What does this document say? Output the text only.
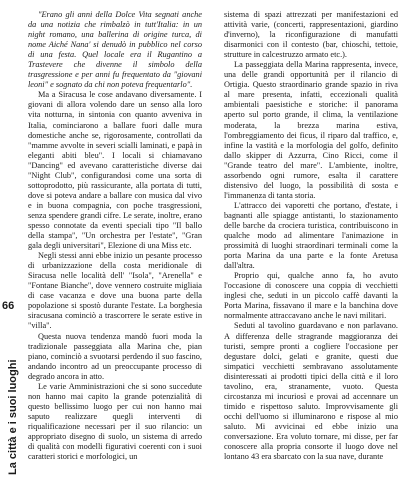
66
La città e i suoi luoghi

"Erano gli anni della Dolce Vita segnati anche da una notizia che rimbalzò in tutt'Italia: in un night romano, una ballerina di origine turca, di nome Aiché Nana' si denudò in pubblico nel corso di una festa. Quel locale era il Rugantino a Trastevere che divenne il simbolo della trasgressione e per anni fu frequentato da "giovani leoni" e sognato da chi non poteva frequentarlo".

Ma a Siracusa le cose andavano diversamente. I giovani di allora volendo dare un senso alla loro vita notturna, in sintonia con quanto avveniva in Italia, cominciarono a ballare fuori dalle mura domestiche anche se, rigorosamente, controllati da "mamme avvolte in severi scialli laminati, e papà in eleganti abiti bleu". I locali si chiamavano "Dancing" ed avevano caratteristiche diverse dai "Night Club", configurandosi come una sorta di sottoprodotto, più rassicurante, alla portata di tutti, dove si poteva andare a ballare con musica dal vivo e in buona compagnia, con poche trasgressioni, senza spendere grandi cifre. Le serate, inoltre, erano spesso connotate da eventi speciali tipo "Il ballo della stampa", "Un orchestra per l'estate", "Gran gala degli universitari", Elezione di una Miss etc.

Negli stessi anni ebbe inizio un pesante processo di urbanizzazione della costa meridionale di Siracusa nelle località dell' "Isola", "Arenella" e "Fontane Bianche", dove vennero costruite migliaia di case vacanza e dove una buona parte della popolazione si spostò durante l'estate. La borghesia siracusana cominciò a trascorrere le serate estive in "villa".

Questa nuova tendenza mandò fuori moda la tradizionale passeggiata alla Marina che, pian piano, cominciò a svuotarsi perdendo il suo fascino, andando incontro ad un preoccupante processo di degrado ancora in atto.

Le varie Amministrazioni che si sono succedute non hanno mai capito la grande potenzialità di questo bellissimo luogo per cui non hanno mai saputo realizzare quegli interventi di riqualificazione necessari per il suo rilancio: un appropriato disegno di suolo, un sistema di arredo di qualità con modelli figurativi coerenti con i suoi caratteri storici e morfologici, un

sistema di spazi attrezzati per manifestazioni ed attività varie, (concerti, rappresentazioni, giardino d'inverno), la riconfigurazione di manufatti disarmonici con il contesto (bar, chioschi, tettoie, strutture in calcestruzzo armato etc.).

La passeggiata della Marina rappresenta, invece, una delle grandi opportunità per il rilancio di Ortigia. Questo straordinario grande spazio in riva al mare presenta, infatti, eccezionali qualità ambientali paesistiche e storiche: il panorama aperto sul porto grande, il clima, la ventilazione moderata, la brezza marina estiva, l'ombreggiamento dei ficus, il riparo dal traffico, e, infine la vastità e la morfologia del golfo, definito dallo skipper di Azzurra, Cino Ricci, come il "Grande teatro del mare". L'ambiente, inoltre, assorbendo ogni rumore, esalta il carattere distensivo del luogo, la possibilità di sosta e l'immanenza di tanta storia.

L'attracco dei vaporetti che portano, d'estate, i bagnanti alle spiagge antistanti, lo stazionamento delle barche da crociera turistica, contribuiscono in qualche modo ad alimentare l'animazione in prossimità di luoghi straordinari terminali come la porta Marina da una parte e la fonte Aretusa dall'altra.

Proprio qui, qualche anno fa, ho avuto l'occasione di conoscere una coppia di vecchietti inglesi che, seduti in un piccolo caffè davanti la Porta Marina, fissavano il mare e la banchina dove normalmente attraccavano anche le navi militari.

Seduti al tavolino guardavano e non parlavano. A differenza delle stragrande maggioranza dei turisti, sempre pronti a cogliere l'occasione per degustare dolci, gelati e granite, questi due simpatici vecchietti sembravano assolutamente disinteressati ai prodotti tipici della città e il loro tavolino, era, stranamente, vuoto. Questa circostanza mi incuriosì e provai ad accennare un timido e rispettoso saluto. Improvvisamente gli occhi dell'uomo si illuminarono e rispose al mio saluto. Mi avvicinai ed ebbe inizio una conversazione. Era voluto tornare, mi disse, per far conoscere alla propria consorte il luogo dove nel lontano 43 era sbarcato con la sua nave, durante
